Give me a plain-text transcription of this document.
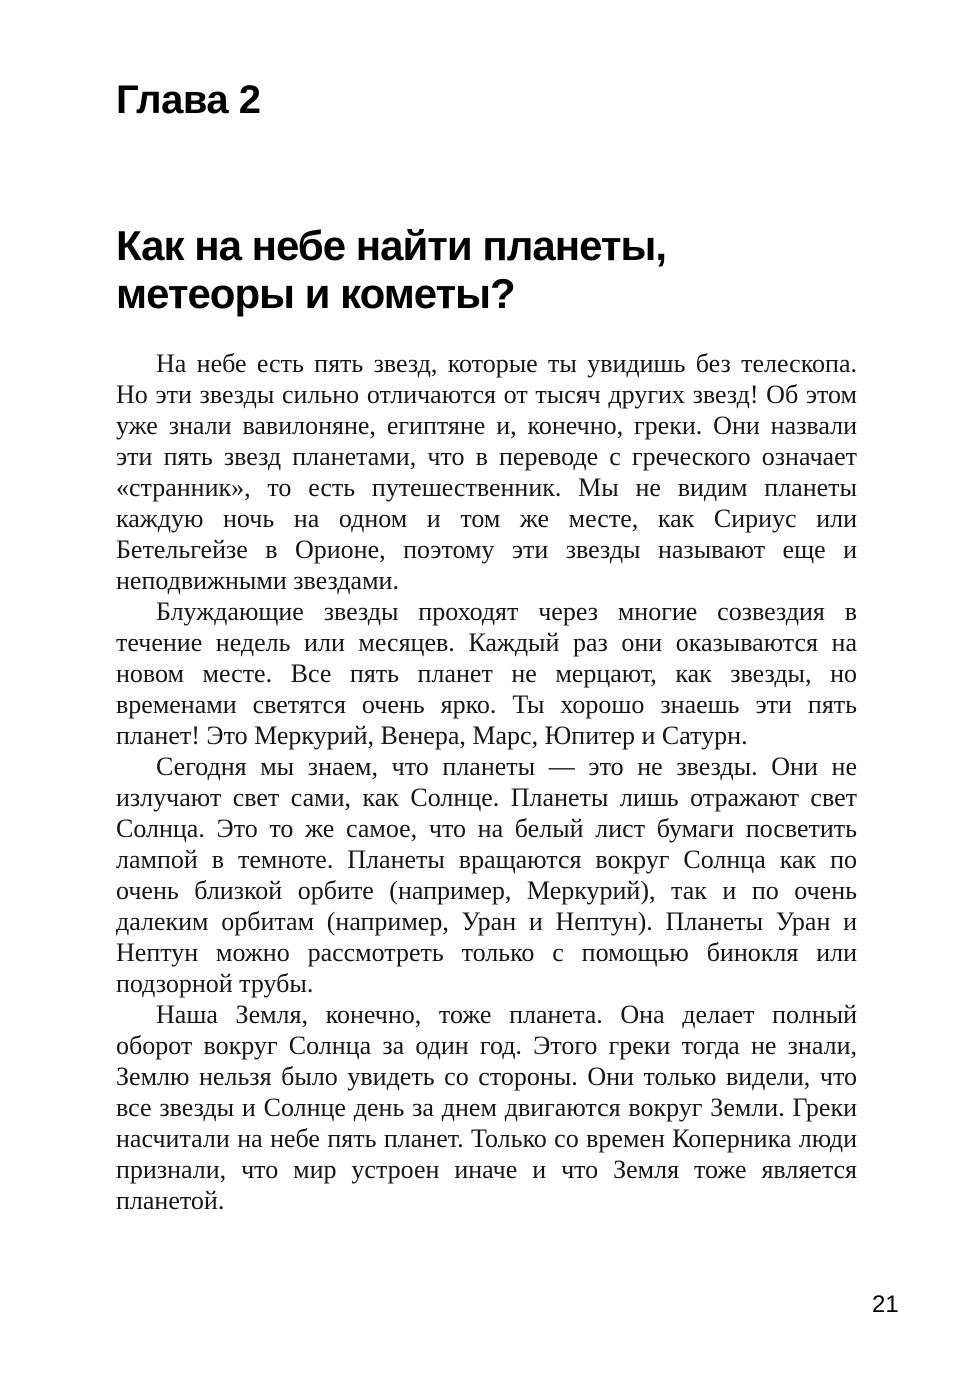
Глава 2
Как на небе найти планеты,
метеоры и кометы?

На небе есть пять звезд, которые ты увидишь без телескопа. Но эти звезды сильно отличаются от тысяч других звезд! Об этом уже знали вавилоняне, египтяне и, конечно, греки. Они назвали эти пять звезд планетами, что в переводе с греческого означает «странник», то есть путешественник. Мы не видим планеты каждую ночь на одном и том же месте, как Сириус или Бетельгейзе в Орионе, поэтому эти звезды называют еще и неподвижными звездами.

Блуждающие звезды проходят через многие созвездия в течение недель или месяцев. Каждый раз они оказываются на новом месте. Все пять планет не мерцают, как звезды, но временами светятся очень ярко. Ты хорошо знаешь эти пять планет! Это Меркурий, Венера, Марс, Юпитер и Сатурн.

Сегодня мы знаем, что планеты — это не звезды. Они не излучают свет сами, как Солнце. Планеты лишь отражают свет Солнца. Это то же самое, что на белый лист бумаги посветить лампой в темноте. Планеты вращаются вокруг Солнца как по очень близкой орбите (например, Меркурий), так и по очень далеким орбитам (например, Уран и Нептун). Планеты Уран и Нептун можно рассмотреть только с помощью бинокля или подзорной трубы.

Наша Земля, конечно, тоже планета. Она делает полный оборот вокруг Солнца за один год. Этого греки тогда не знали, Землю нельзя было увидеть со стороны. Они только видели, что все звезды и Солнце день за днем двигаются вокруг Земли. Греки насчитали на небе пять планет. Только со времен Коперника люди признали, что мир устроен иначе и что Земля тоже является планетой.

21
